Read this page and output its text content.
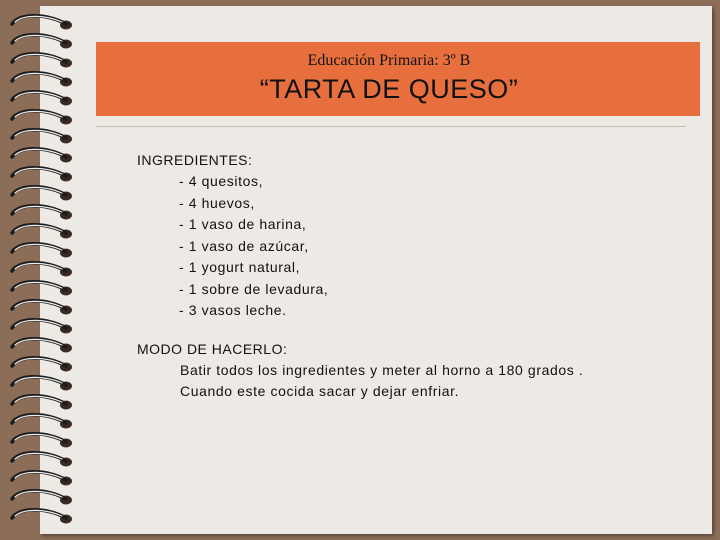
Educación Primaria: 3º B
“TARTA DE QUESO”

INGREDIENTES:

- 4 quesitos,
- 4 huevos,
- 1 vaso de harina,
- 1 vaso de azúcar,
- 1 yogurt natural,
- 1 sobre de levadura,
- 3 vasos leche.

MODO DE HACERLO:

Batir todos los ingredientes y meter al horno a 180 grados .
Cuando este cocida sacar y dejar enfriar.
